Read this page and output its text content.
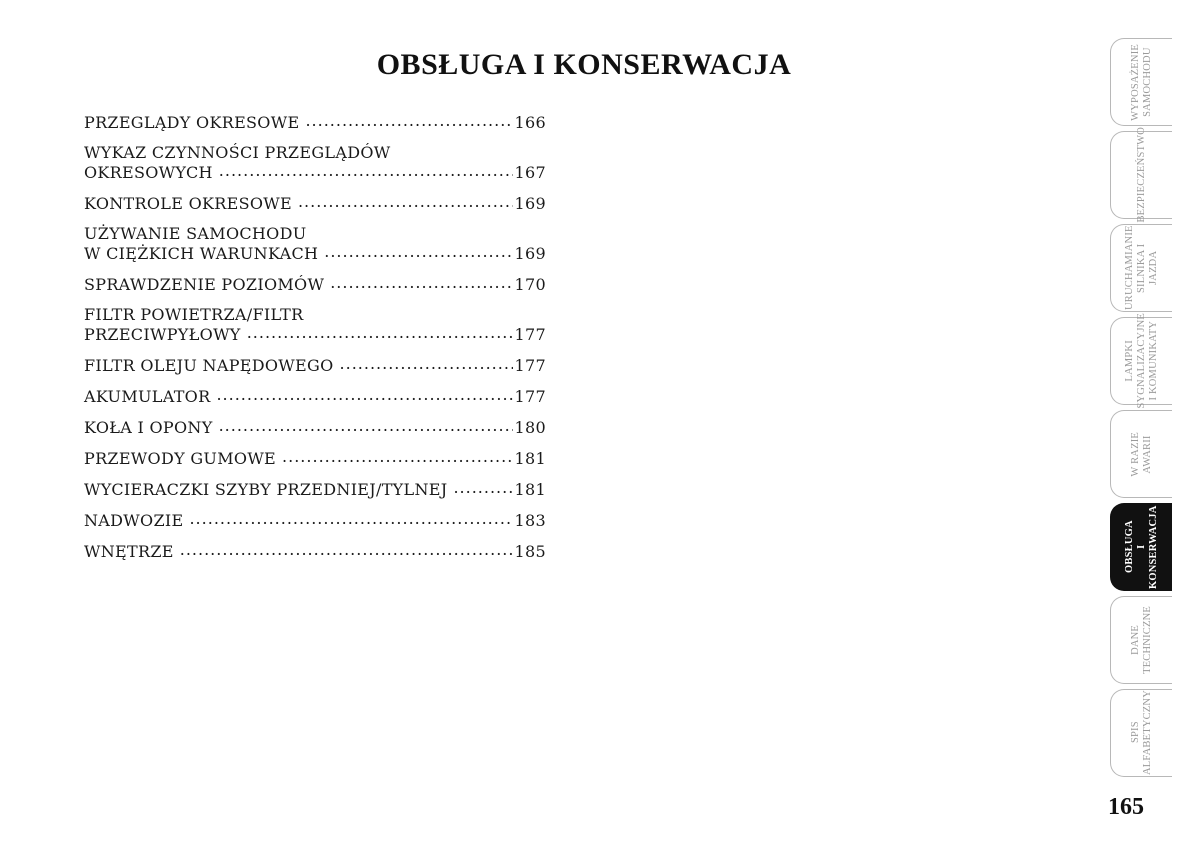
OBSŁUGA I KONSERWACJA
PRZEGLĄDY OKRESOWE .....	166
WYKAZ CZYNNOŚCI PRZEGLĄDÓW
OKRESOWYCH .....	167
KONTROLE OKRESOWE .....	169
UŻYWANIE SAMOCHODU
W CIĘŻKICH WARUNKACH .....	169
SPRAWDZENIE POZIOMÓW .....	170
FILTR POWIETRZA/FILTR
PRZECIWPYŁOWY .....	177
FILTR OLEJU NAPĘDOWEGO .....	177
AKUMULATOR .....	177
KOŁA I OPONY .....	180
PRZEWODY GUMOWE .....	181
WYCIERACZKI SZYBY PRZEDNIEJ/TYLNEJ .....	181
NADWOZIE .....	183
WNĘTRZE .....	185
WYPOSAŻENIE
SAMOCHODU
BEZPIECZEŃSTWO
URUCHAMIANIE
SILNIKA I JAZDA
LAMPKI
SYGNALIZACYJNE
I KOMUNIKATY
W RAZIE
AWARII
OBSŁUGA
I KONSERWACJA
DANE
TECHNICZNE
SPIS
ALFABETYCZNY
165
